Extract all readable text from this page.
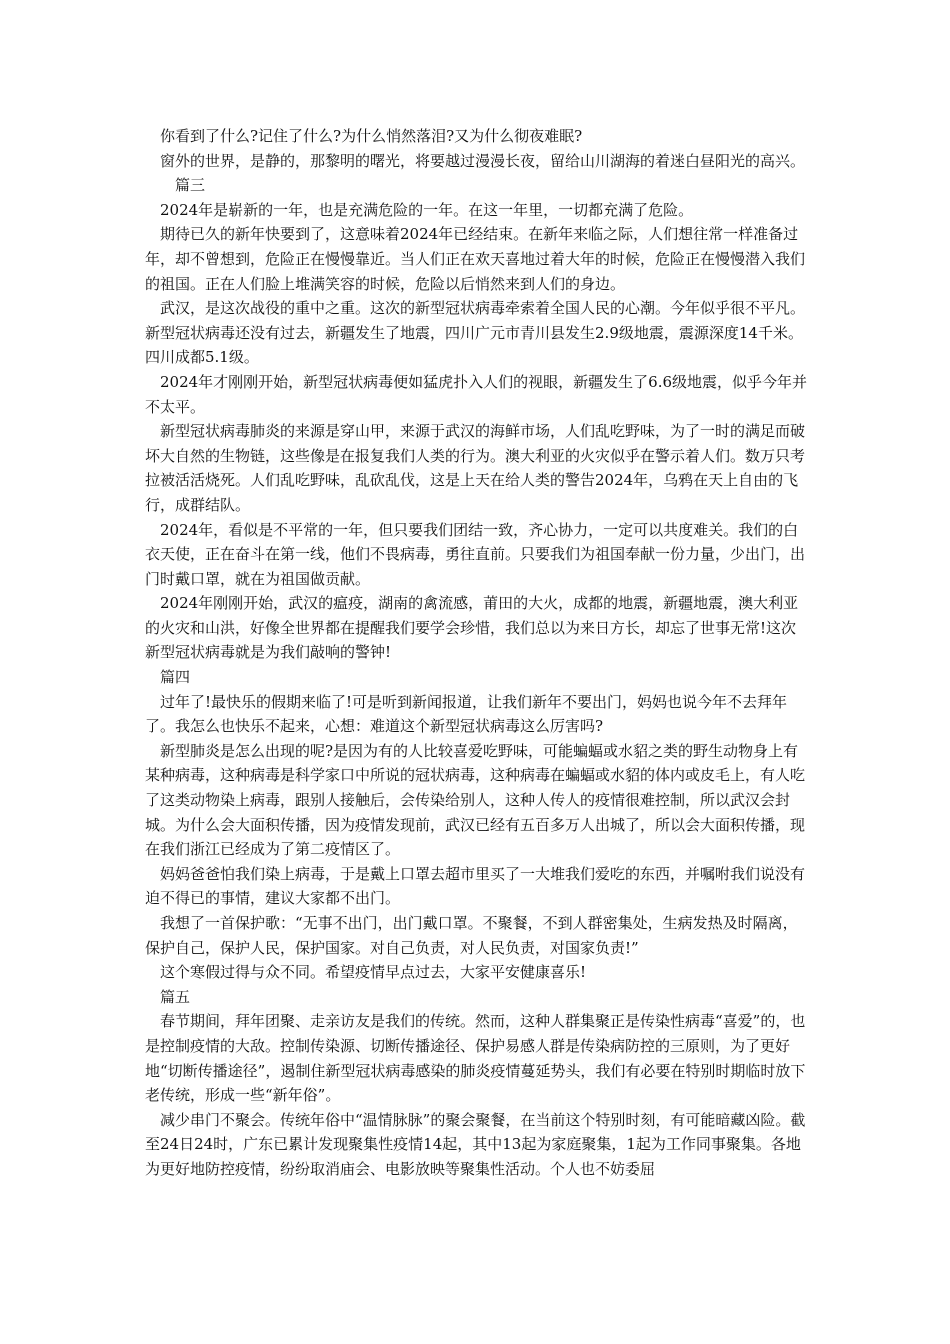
你看到了什么?记住了什么?为什么悄然落泪?又为什么彻夜难眠?

窗外的世界，是静的，那黎明的曙光，将要越过漫漫长夜，留给山川湖海的着迷白昼阳光的高兴。

篇三

2024年是崭新的一年，也是充满危险的一年。在这一年里，一切都充满了危险。

期待已久的新年快要到了，这意味着2024年已经结束。在新年来临之际，人们想往常一样准备过年，却不曾想到，危险正在慢慢靠近。当人们正在欢天喜地过着大年的时候，危险正在慢慢潜入我们的祖国。正在人们脸上堆满笑容的时候，危险以后悄然来到人们的身边。

武汉，是这次战役的重中之重。这次的新型冠状病毒牵索着全国人民的心潮。今年似乎很不平凡。新型冠状病毒还没有过去，新疆发生了地震，四川广元市青川县发生2.9级地震，震源深度14千米。四川成都5.1级。

2024年才刚刚开始，新型冠状病毒便如猛虎扑入人们的视眼，新疆发生了6.6级地震，似乎今年并不太平。

新型冠状病毒肺炎的来源是穿山甲，来源于武汉的海鲜市场，人们乱吃野味，为了一时的满足而破坏大自然的生物链，这些像是在报复我们人类的行为。澳大利亚的火灾似乎在警示着人们。数万只考拉被活活烧死。人们乱吃野味，乱砍乱伐，这是上天在给人类的警告2024年，乌鸦在天上自由的飞行，成群结队。

2024年，看似是不平常的一年，但只要我们团结一致，齐心协力，一定可以共度难关。我们的白衣天使，正在奋斗在第一线，他们不畏病毒，勇往直前。只要我们为祖国奉献一份力量，少出门，出门时戴口罩，就在为祖国做贡献。

2024年刚刚开始，武汉的瘟疫，湖南的禽流感，莆田的大火，成都的地震，新疆地震，澳大利亚的火灾和山洪，好像全世界都在提醒我们要学会珍惜，我们总以为来日方长，却忘了世事无常!这次新型冠状病毒就是为我们敲响的警钟!

篇四

过年了!最快乐的假期来临了!可是听到新闻报道，让我们新年不要出门，妈妈也说今年不去拜年了。我怎么也快乐不起来，心想：难道这个新型冠状病毒这么厉害吗?

新型肺炎是怎么出现的呢?是因为有的人比较喜爱吃野味，可能蝙蝠或水貂之类的野生动物身上有某种病毒，这种病毒是科学家口中所说的冠状病毒，这种病毒在蝙蝠或水貂的体内或皮毛上，有人吃了这类动物染上病毒，跟别人接触后，会传染给别人，这种人传人的疫情很难控制，所以武汉会封城。为什么会大面积传播，因为疫情发现前，武汉已经有五百多万人出城了，所以会大面积传播，现在我们浙江已经成为了第二疫情区了。

妈妈爸爸怕我们染上病毒，于是戴上口罩去超市里买了一大堆我们爱吃的东西，并嘱咐我们说没有迫不得已的事情，建议大家都不出门。

我想了一首保护歌：“无事不出门，出门戴口罩。不聚餐，不到人群密集处，生病发热及时隔离，保护自己，保护人民，保护国家。对自己负责，对人民负责，对国家负责!”

这个寒假过得与众不同。希望疫情早点过去，大家平安健康喜乐!

篇五

春节期间，拜年团聚、走亲访友是我们的传统。然而，这种人群集聚正是传染性病毒“喜爱”的，也是控制疫情的大敌。控制传染源、切断传播途径、保护易感人群是传染病防控的三原则，为了更好地“切断传播途径”，遏制住新型冠状病毒感染的肺炎疫情蔓延势头，我们有必要在特别时期临时放下老传统，形成一些“新年俗”。

减少串门不聚会。传统年俗中“温情脉脉”的聚会聚餐，在当前这个特别时刻，有可能暗藏凶险。截至24日24时，广东已累计发现聚集性疫情14起，其中13起为家庭聚集，1起为工作同事聚集。各地为更好地防控疫情，纷纷取消庙会、电影放映等聚集性活动。个人也不妨委屈
